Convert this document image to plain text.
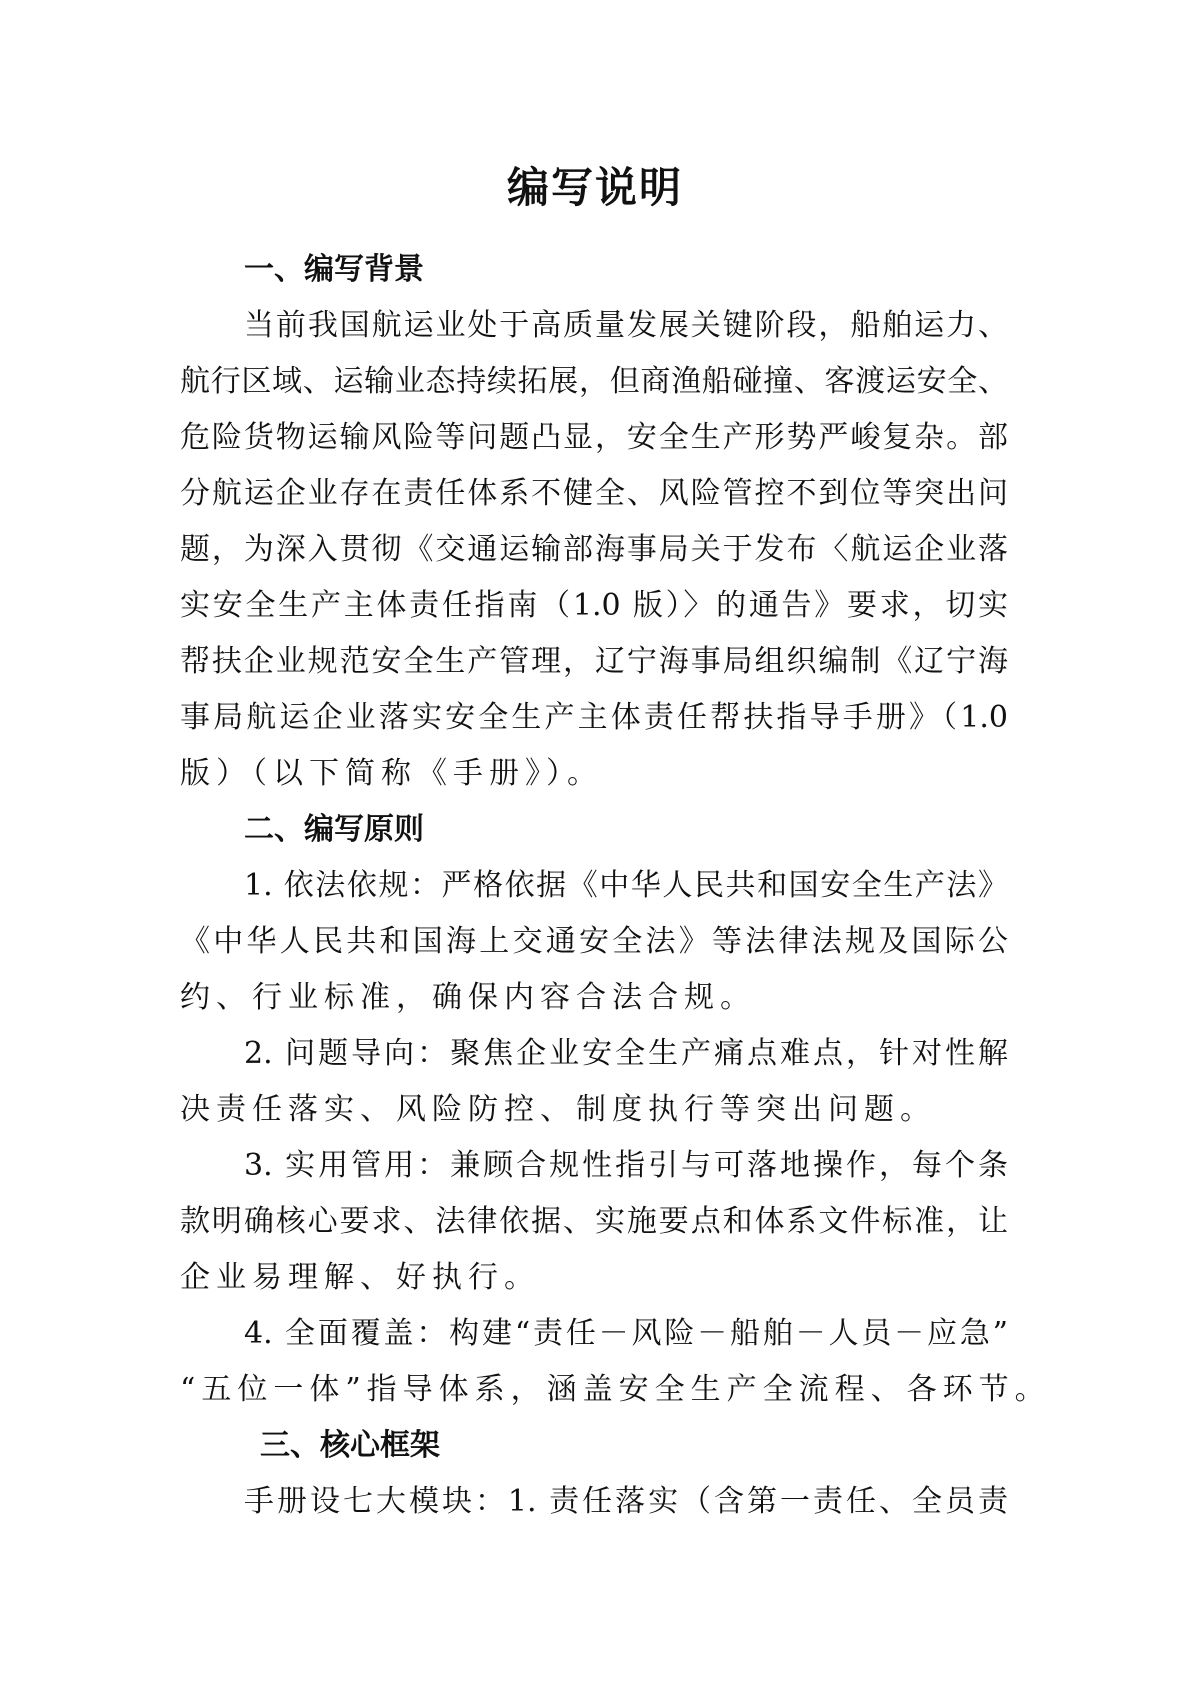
编写说明
一、编写背景
当前我国航运业处于高质量发展关键阶段，船舶运力、
航行区域、运输业态持续拓展，但商渔船碰撞、客渡运安全、
危险货物运输风险等问题凸显，安全生产形势严峻复杂。部
分航运企业存在责任体系不健全、风险管控不到位等突出问
题，为深入贯彻《交通运输部海事局关于发布〈航运企业落
实安全生产主体责任指南（1.0 版）〉的通告》要求，切实
帮扶企业规范安全生产管理，辽宁海事局组织编制《辽宁海
事局航运企业落实安全生产主体责任帮扶指导手册》（1.0
版）（以下简称《手册》）。
二、编写原则
1. 依法依规：严格依据《中华人民共和国安全生产法》
《中华人民共和国海上交通安全法》等法律法规及国际公
约、行业标准，确保内容合法合规。
2. 问题导向：聚焦企业安全生产痛点难点，针对性解
决责任落实、风险防控、制度执行等突出问题。
3. 实用管用：兼顾合规性指引与可落地操作，每个条
款明确核心要求、法律依据、实施要点和体系文件标准，让
企业易理解、好执行。
4. 全面覆盖：构建“责任－风险－船舶－人员－应急”
“五位一体”指导体系，涵盖安全生产全流程、各环节。
三、核心框架
手册设七大模块：1. 责任落实（含第一责任、全员责
